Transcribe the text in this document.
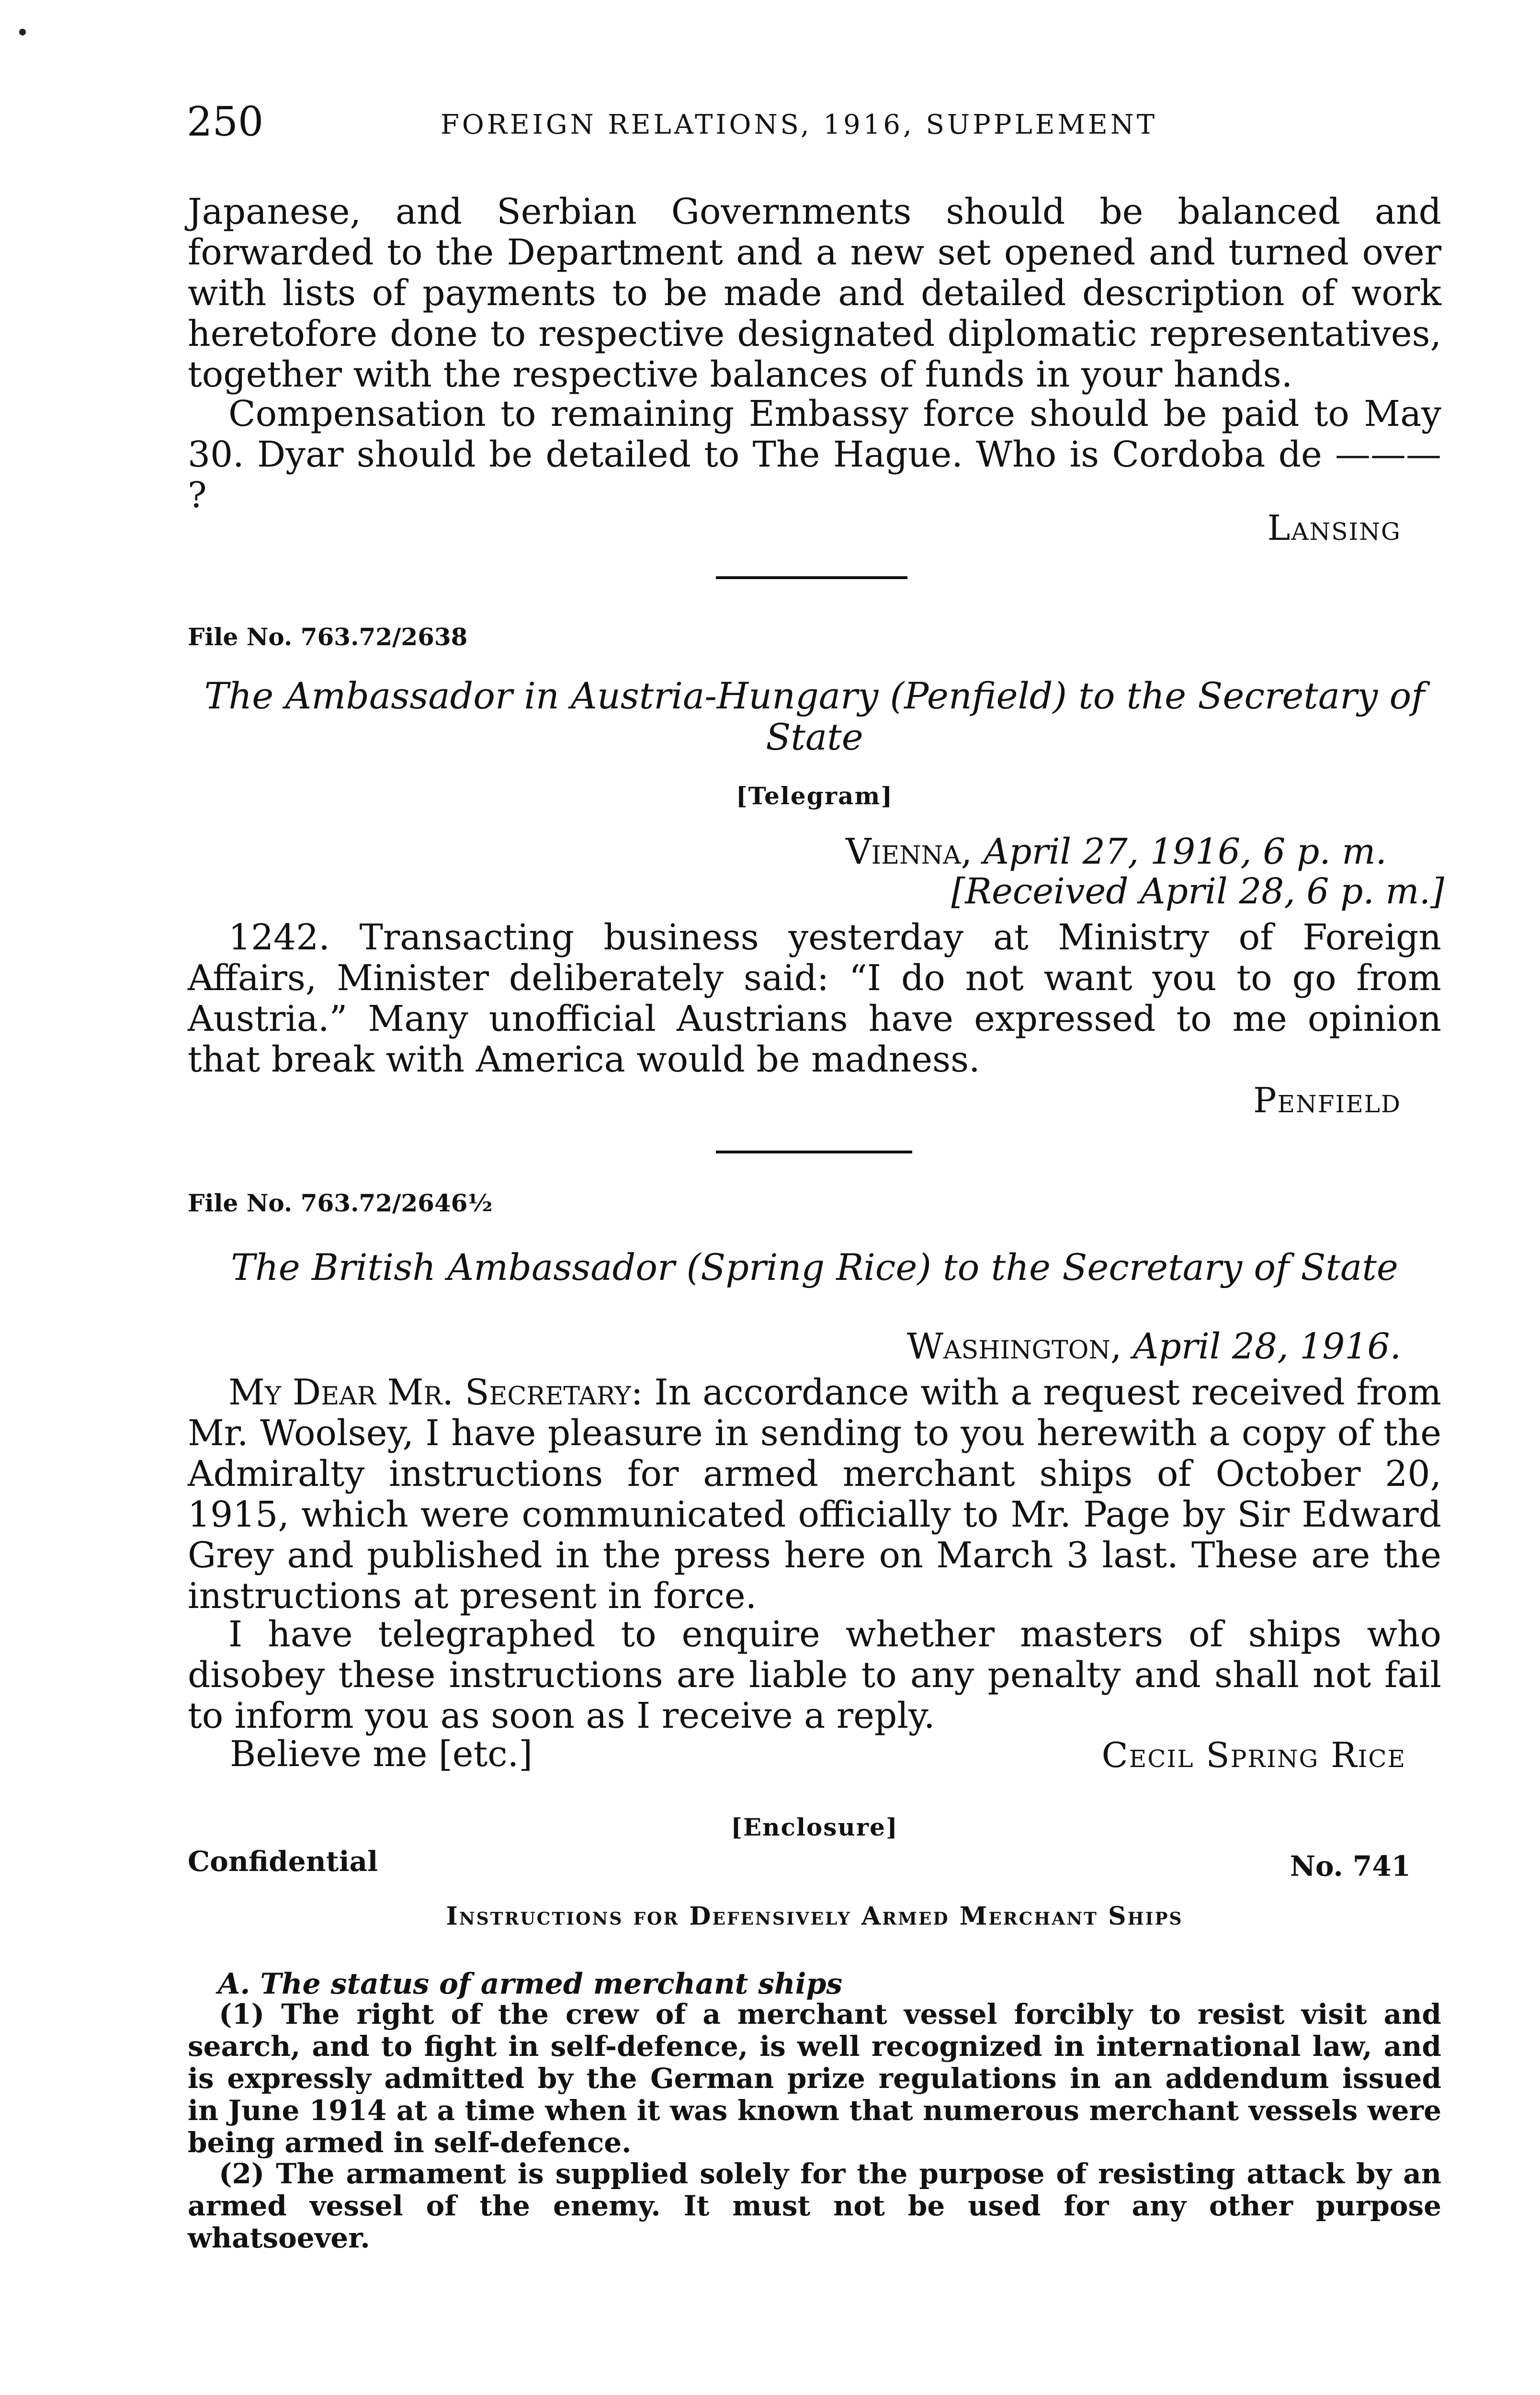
250	FOREIGN RELATIONS, 1916, SUPPLEMENT

Japanese, and Serbian Governments should be balanced and forwarded to the Department and a new set opened and turned over with lists of payments to be made and detailed description of work heretofore done to respective designated diplomatic representatives, together with the respective balances of funds in your hands.

Compensation to remaining Embassy force should be paid to May 30. Dyar should be detailed to The Hague. Who is Cordoba de ——— ?

Lansing
File No. 763.72/2638

The Ambassador in Austria-Hungary (Penfield) to the Secretary of State

[Telegram]
Vienna, April 27, 1916, 6 p. m.
[Received April 28, 6 p. m.]

1242. Transacting business yesterday at Ministry of Foreign Affairs, Minister deliberately said: “I do not want you to go from Austria.” Many unofficial Austrians have expressed to me opinion that break with America would be madness.

Penfield
File No. 763.72/2646½

The British Ambassador (Spring Rice) to the Secretary of State

Washington, April 28, 1916.

My Dear Mr. Secretary: In accordance with a request received from Mr. Woolsey, I have pleasure in sending to you herewith a copy of the Admiralty instructions for armed merchant ships of October 20, 1915, which were communicated officially to Mr. Page by Sir Edward Grey and published in the press here on March 3 last. These are the instructions at present in force.

I have telegraphed to enquire whether masters of ships who disobey these instructions are liable to any penalty and shall not fail to inform you as soon as I receive a reply.

Believe me [etc.]	Cecil Spring Rice
[Enclosure]
Confidential	No. 741
Instructions for Defensively Armed Merchant Ships
A. The status of armed merchant ships

(1) The right of the crew of a merchant vessel forcibly to resist visit and search, and to fight in self-defence, is well recognized in international law, and is expressly admitted by the German prize regulations in an addendum issued in June 1914 at a time when it was known that numerous merchant vessels were being armed in self-defence.

(2) The armament is supplied solely for the purpose of resisting attack by an armed vessel of the enemy. It must not be used for any other purpose whatsoever.
